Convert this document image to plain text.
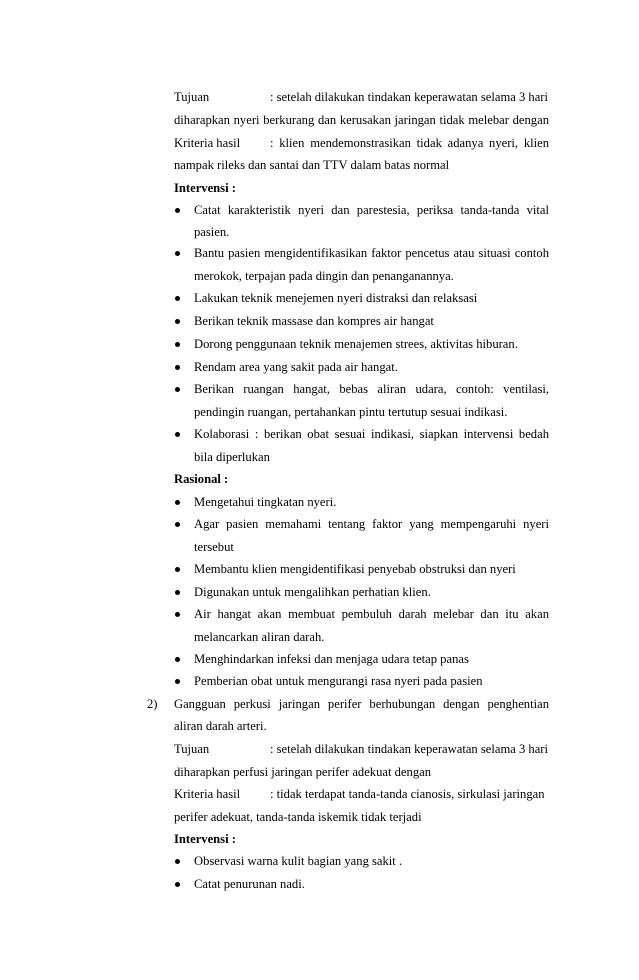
Tujuan	: setelah dilakukan tindakan keperawatan selama 3 hari
diharapkan nyeri berkurang dan kerusakan jaringan tidak melebar dengan
Kriteria hasil : klien mendemonstrasikan tidak adanya nyeri, klien
nampak rileks dan santai dan TTV dalam batas normal
Intervensi :
Catat karakteristik nyeri dan parestesia, periksa tanda-tanda vital
pasien.
Bantu pasien mengidentifikasikan faktor pencetus atau situasi contoh
merokok, terpajan pada dingin dan penanganannya.
Lakukan teknik menejemen nyeri distraksi dan relaksasi
Berikan teknik massase dan kompres air hangat
Dorong penggunaan teknik menajemen strees, aktivitas hiburan.
Rendam area yang sakit pada air hangat.
Berikan ruangan hangat, bebas aliran udara, contoh: ventilasi,
pendingin ruangan, pertahankan pintu tertutup sesuai indikasi.
Kolaborasi : berikan obat sesuai indikasi, siapkan intervensi bedah
bila diperlukan
Rasional :
Mengetahui tingkatan nyeri.
Agar pasien memahami tentang faktor yang mempengaruhi nyeri
tersebut
Membantu klien mengidentifikasi penyebab obstruksi dan nyeri
Digunakan untuk mengalihkan perhatian klien.
Air hangat akan membuat pembuluh darah melebar dan itu akan
melancarkan aliran darah.
Menghindarkan infeksi dan menjaga udara tetap panas
Pemberian obat untuk mengurangi rasa nyeri pada pasien
2) Gangguan perkusi jaringan perifer berhubungan dengan penghentian
aliran darah arteri.
Tujuan	: setelah dilakukan tindakan keperawatan selama 3 hari
diharapkan perfusi jaringan perifer adekuat dengan
Kriteria hasil : tidak terdapat tanda-tanda cianosis, sirkulasi jaringan
perifer adekuat, tanda-tanda iskemik tidak terjadi
Intervensi :
Observasi warna kulit bagian yang sakit .
Catat penurunan nadi.
